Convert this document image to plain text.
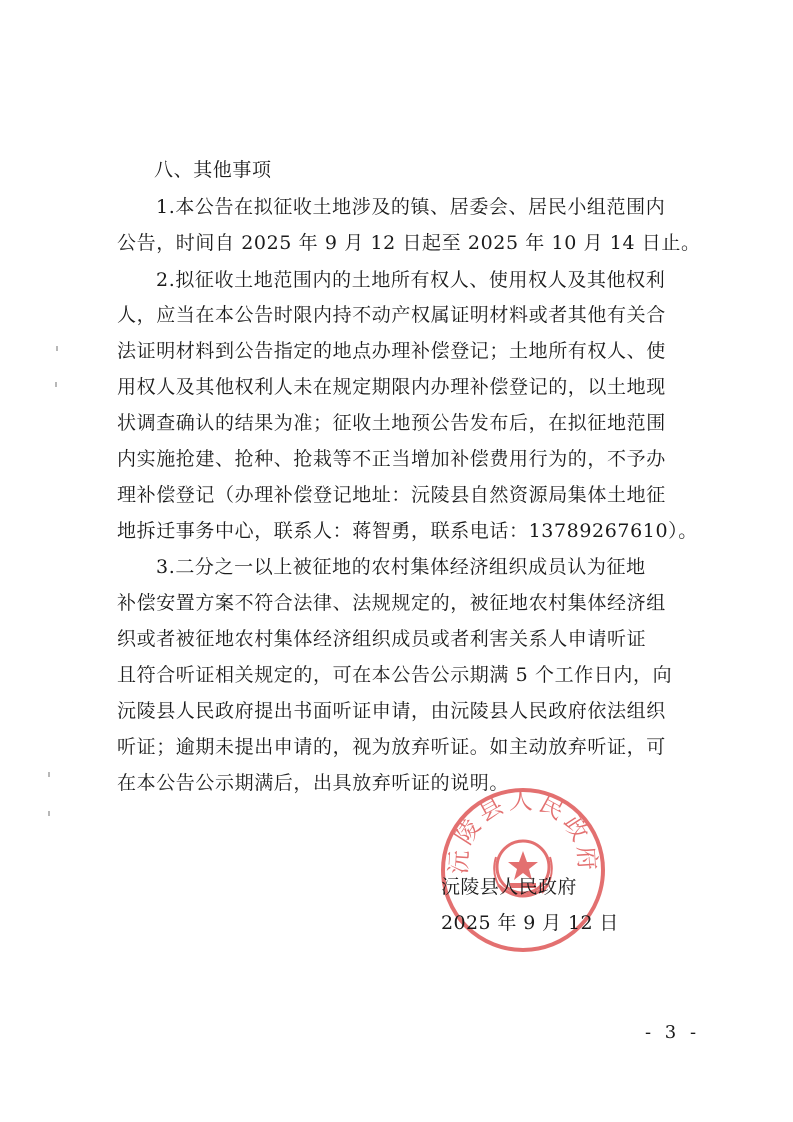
八、其他事项
1.本公告在拟征收土地涉及的镇、居委会、居民小组范围内
公告，时间自 2025 年 9 月 12 日起至 2025 年 10 月 14 日止。
2.拟征收土地范围内的土地所有权人、使用权人及其他权利
人，应当在本公告时限内持不动产权属证明材料或者其他有关合
法证明材料到公告指定的地点办理补偿登记；土地所有权人、使
用权人及其他权利人未在规定期限内办理补偿登记的，以土地现
状调查确认的结果为准；征收土地预公告发布后，在拟征地范围
内实施抢建、抢种、抢栽等不正当增加补偿费用行为的，不予办
理补偿登记（办理补偿登记地址：沅陵县自然资源局集体土地征
地拆迁事务中心，联系人：蒋智勇，联系电话：13789267610）。
3.二分之一以上被征地的农村集体经济组织成员认为征地
补偿安置方案不符合法律、法规规定的，被征地农村集体经济组
织或者被征地农村集体经济组织成员或者利害关系人申请听证
且符合听证相关规定的，可在本公告公示期满 5 个工作日内，向
沅陵县人民政府提出书面听证申请，由沅陵县人民政府依法组织
听证；逾期未提出申请的，视为放弃听证。如主动放弃听证，可
在本公告公示期满后，出具放弃听证的说明。
沅陵县人民政府
沅陵县人民政府
2025 年 9 月 12 日
- 3 -
